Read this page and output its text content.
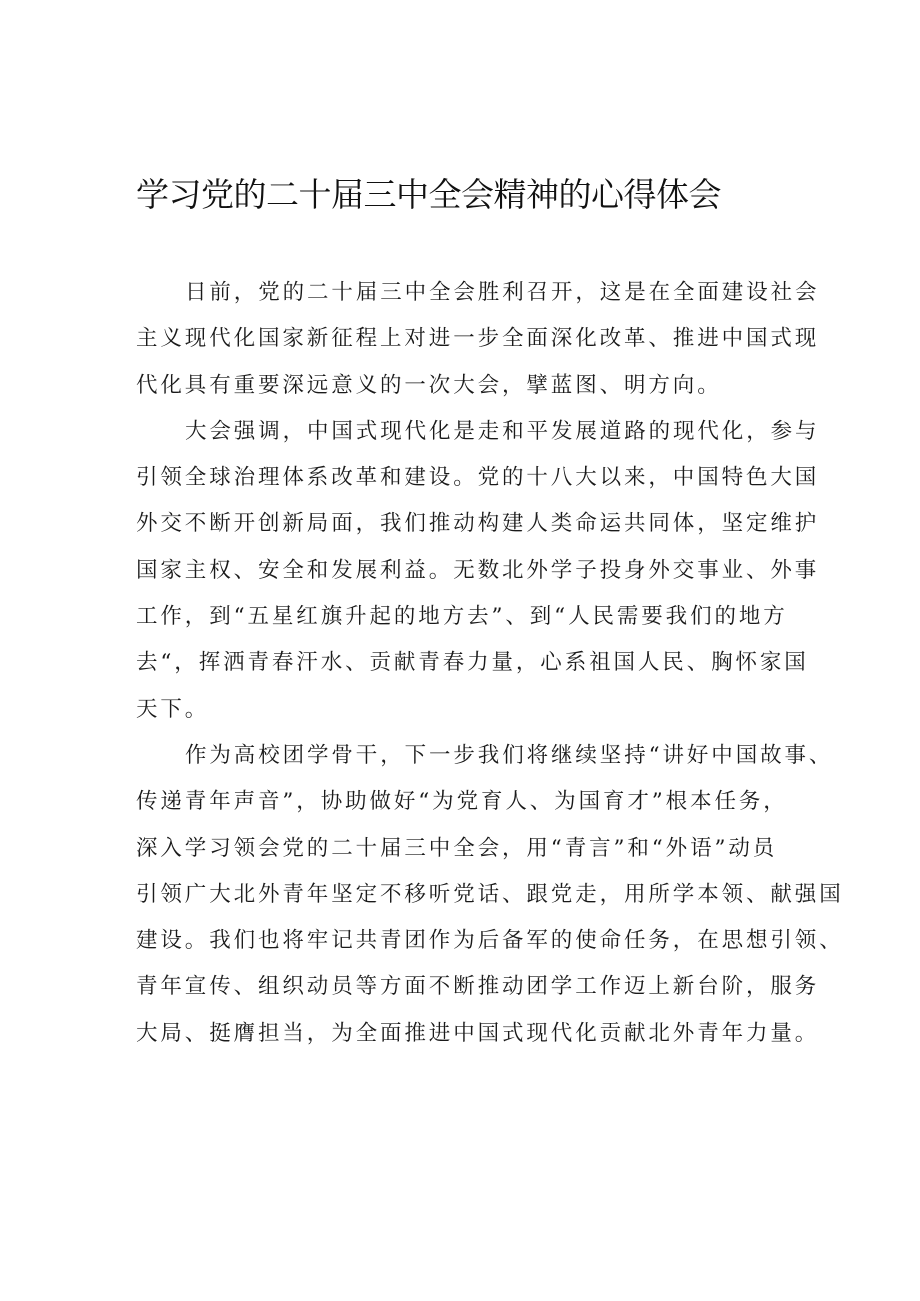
学习党的二十届三中全会精神的心得体会
日前，党的二十届三中全会胜利召开，这是在全面建设社会
主义现代化国家新征程上对进一步全面深化改革、推进中国式现
代化具有重要深远意义的一次大会，擘蓝图、明方向。
大会强调，中国式现代化是走和平发展道路的现代化，参与
引领全球治理体系改革和建设。党的十八大以来，中国特色大国
外交不断开创新局面，我们推动构建人类命运共同体，坚定维护
国家主权、安全和发展利益。无数北外学子投身外交事业、外事
工作，到“五星红旗升起的地方去”、到“人民需要我们的地方
去“，挥洒青春汗水、贡献青春力量，心系祖国人民、胸怀家国
天下。
作为高校团学骨干，下一步我们将继续坚持“讲好中国故事、
传递青年声音”，协助做好“为党育人、为国育才”根本任务，
深入学习领会党的二十届三中全会，用“青言”和“外语”动员
引领广大北外青年坚定不移听党话、跟党走，用所学本领、献强国
建设。我们也将牢记共青团作为后备军的使命任务，在思想引领、
青年宣传、组织动员等方面不断推动团学工作迈上新台阶，服务
大局、挺膺担当，为全面推进中国式现代化贡献北外青年力量。
